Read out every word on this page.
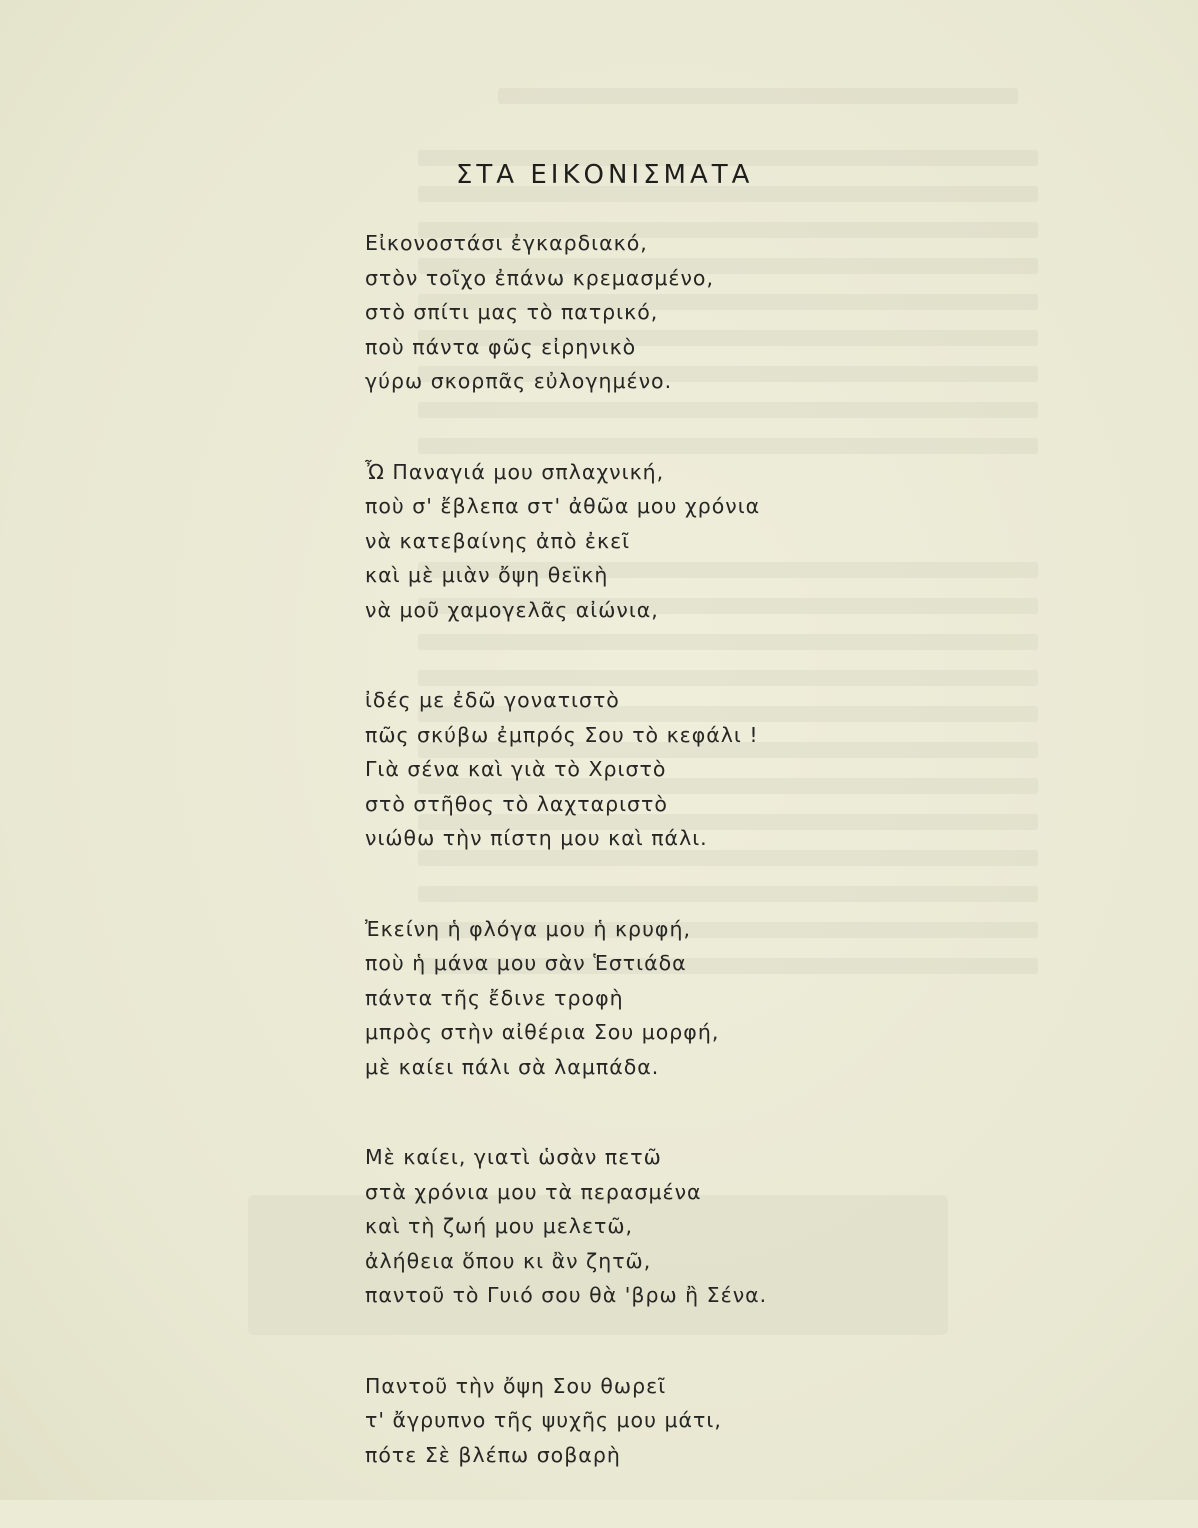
ΣΤΑ ΕΙΚΟΝΙΣΜΑΤΑ
Εἰκονοστάσι ἐγκαρδιακό,
στὸν τοῖχο ἐπάνω κρεμασμένο,
στὸ σπίτι μας τὸ πατρικό,
ποὺ πάντα φῶς εἰρηνικὸ
γύρω σκορπᾶς εὐλογημένο.
Ὦ Παναγιά μου σπλαχνική,
ποὺ σ' ἔβλεπα στ' ἀθῶα μου χρόνια
νὰ κατεβαίνης ἀπὸ ἐκεῖ
καὶ μὲ μιὰν ὄψη θεϊκὴ
νὰ μοῦ χαμογελᾶς αἰώνια,
ἰδές με ἐδῶ γονατιστὸ
πῶς σκύβω ἐμπρός Σου τὸ κεφάλι !
Γιὰ σένα καὶ γιὰ τὸ Χριστὸ
στὸ στῆθος τὸ λαχταριστὸ
νιώθω τὴν πίστη μου καὶ πάλι.
Ἐκείνη ἡ φλόγα μου ἡ κρυφή,
ποὺ ἡ μάνα μου σὰν Ἑστιάδα
πάντα τῆς ἔδινε τροφὴ
μπρὸς στὴν αἰθέρια Σου μορφή,
μὲ καίει πάλι σὰ λαμπάδα.
Μὲ καίει, γιατὶ ὡσὰν πετῶ
στὰ χρόνια μου τὰ περασμένα
καὶ τὴ ζωή μου μελετῶ,
ἀλήθεια ὅπου κι ἂν ζητῶ,
παντοῦ τὸ Γυιό σου θὰ 'βρω ἢ Σένα.
Παντοῦ τὴν ὄψη Σου θωρεῖ
τ' ἄγρυπνο τῆς ψυχῆς μου μάτι,
πότε Σὲ βλέπω σοβαρὴ
